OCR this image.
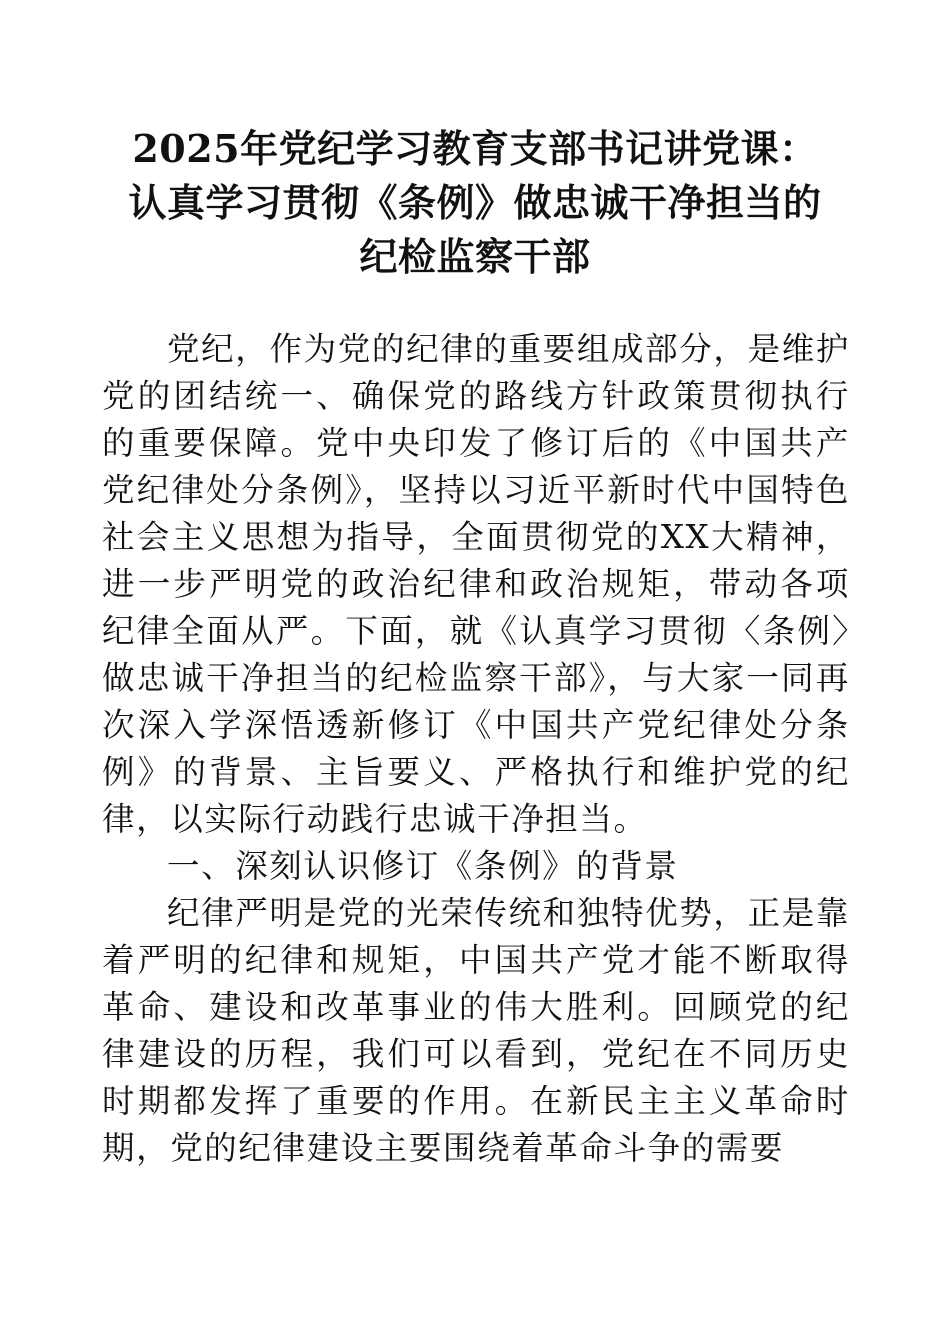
2025年党纪学习教育支部书记讲党课：
认真学习贯彻《条例》做忠诚干净担当的
纪检监察干部

党纪，作为党的纪律的重要组成部分，是维护党的团结统一、确保党的路线方针政策贯彻执行的重要保障。党中央印发了修订后的《中国共产党纪律处分条例》，坚持以习近平新时代中国特色社会主义思想为指导，全面贯彻党的XX大精神，进一步严明党的政治纪律和政治规矩，带动各项纪律全面从严。下面，就《认真学习贯彻〈条例〉做忠诚干净担当的纪检监察干部》，与大家一同再次深入学深悟透新修订《中国共产党纪律处分条例》的背景、主旨要义、严格执行和维护党的纪律，以实际行动践行忠诚干净担当。

一、深刻认识修订《条例》的背景

纪律严明是党的光荣传统和独特优势，正是靠着严明的纪律和规矩，中国共产党才能不断取得革命、建设和改革事业的伟大胜利。回顾党的纪律建设的历程，我们可以看到，党纪在不同历史时期都发挥了重要的作用。在新民主主义革命时期，党的纪律建设主要围绕着革命斗争的需要
